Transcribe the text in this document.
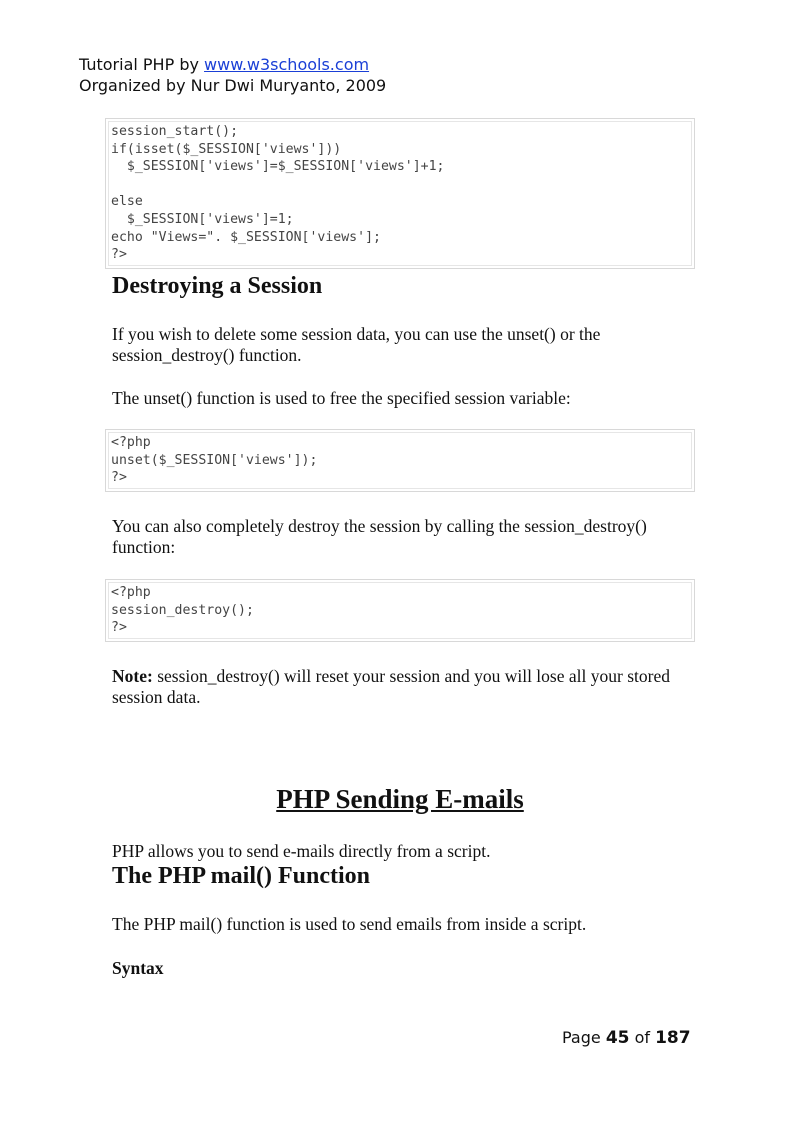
Tutorial PHP by www.w3schools.com
Organized by Nur Dwi Muryanto, 2009
session_start();
if(isset($_SESSION['views']))
$_SESSION['views']=$_SESSION['views']+1;

else
$_SESSION['views']=1;
echo "Views=". $_SESSION['views'];
?>
Destroying a Session

If you wish to delete some session data, you can use the unset() or the session_destroy() function.

The unset() function is used to free the specified session variable:

<?php
unset($_SESSION['views']);
?>

You can also completely destroy the session by calling the session_destroy() function:

<?php
session_destroy();
?>

Note: session_destroy() will reset your session and you will lose all your stored session data.

PHP Sending E-mails

PHP allows you to send e-mails directly from a script.

The PHP mail() Function

The PHP mail() function is used to send emails from inside a script.

Syntax

Page 45 of 187
